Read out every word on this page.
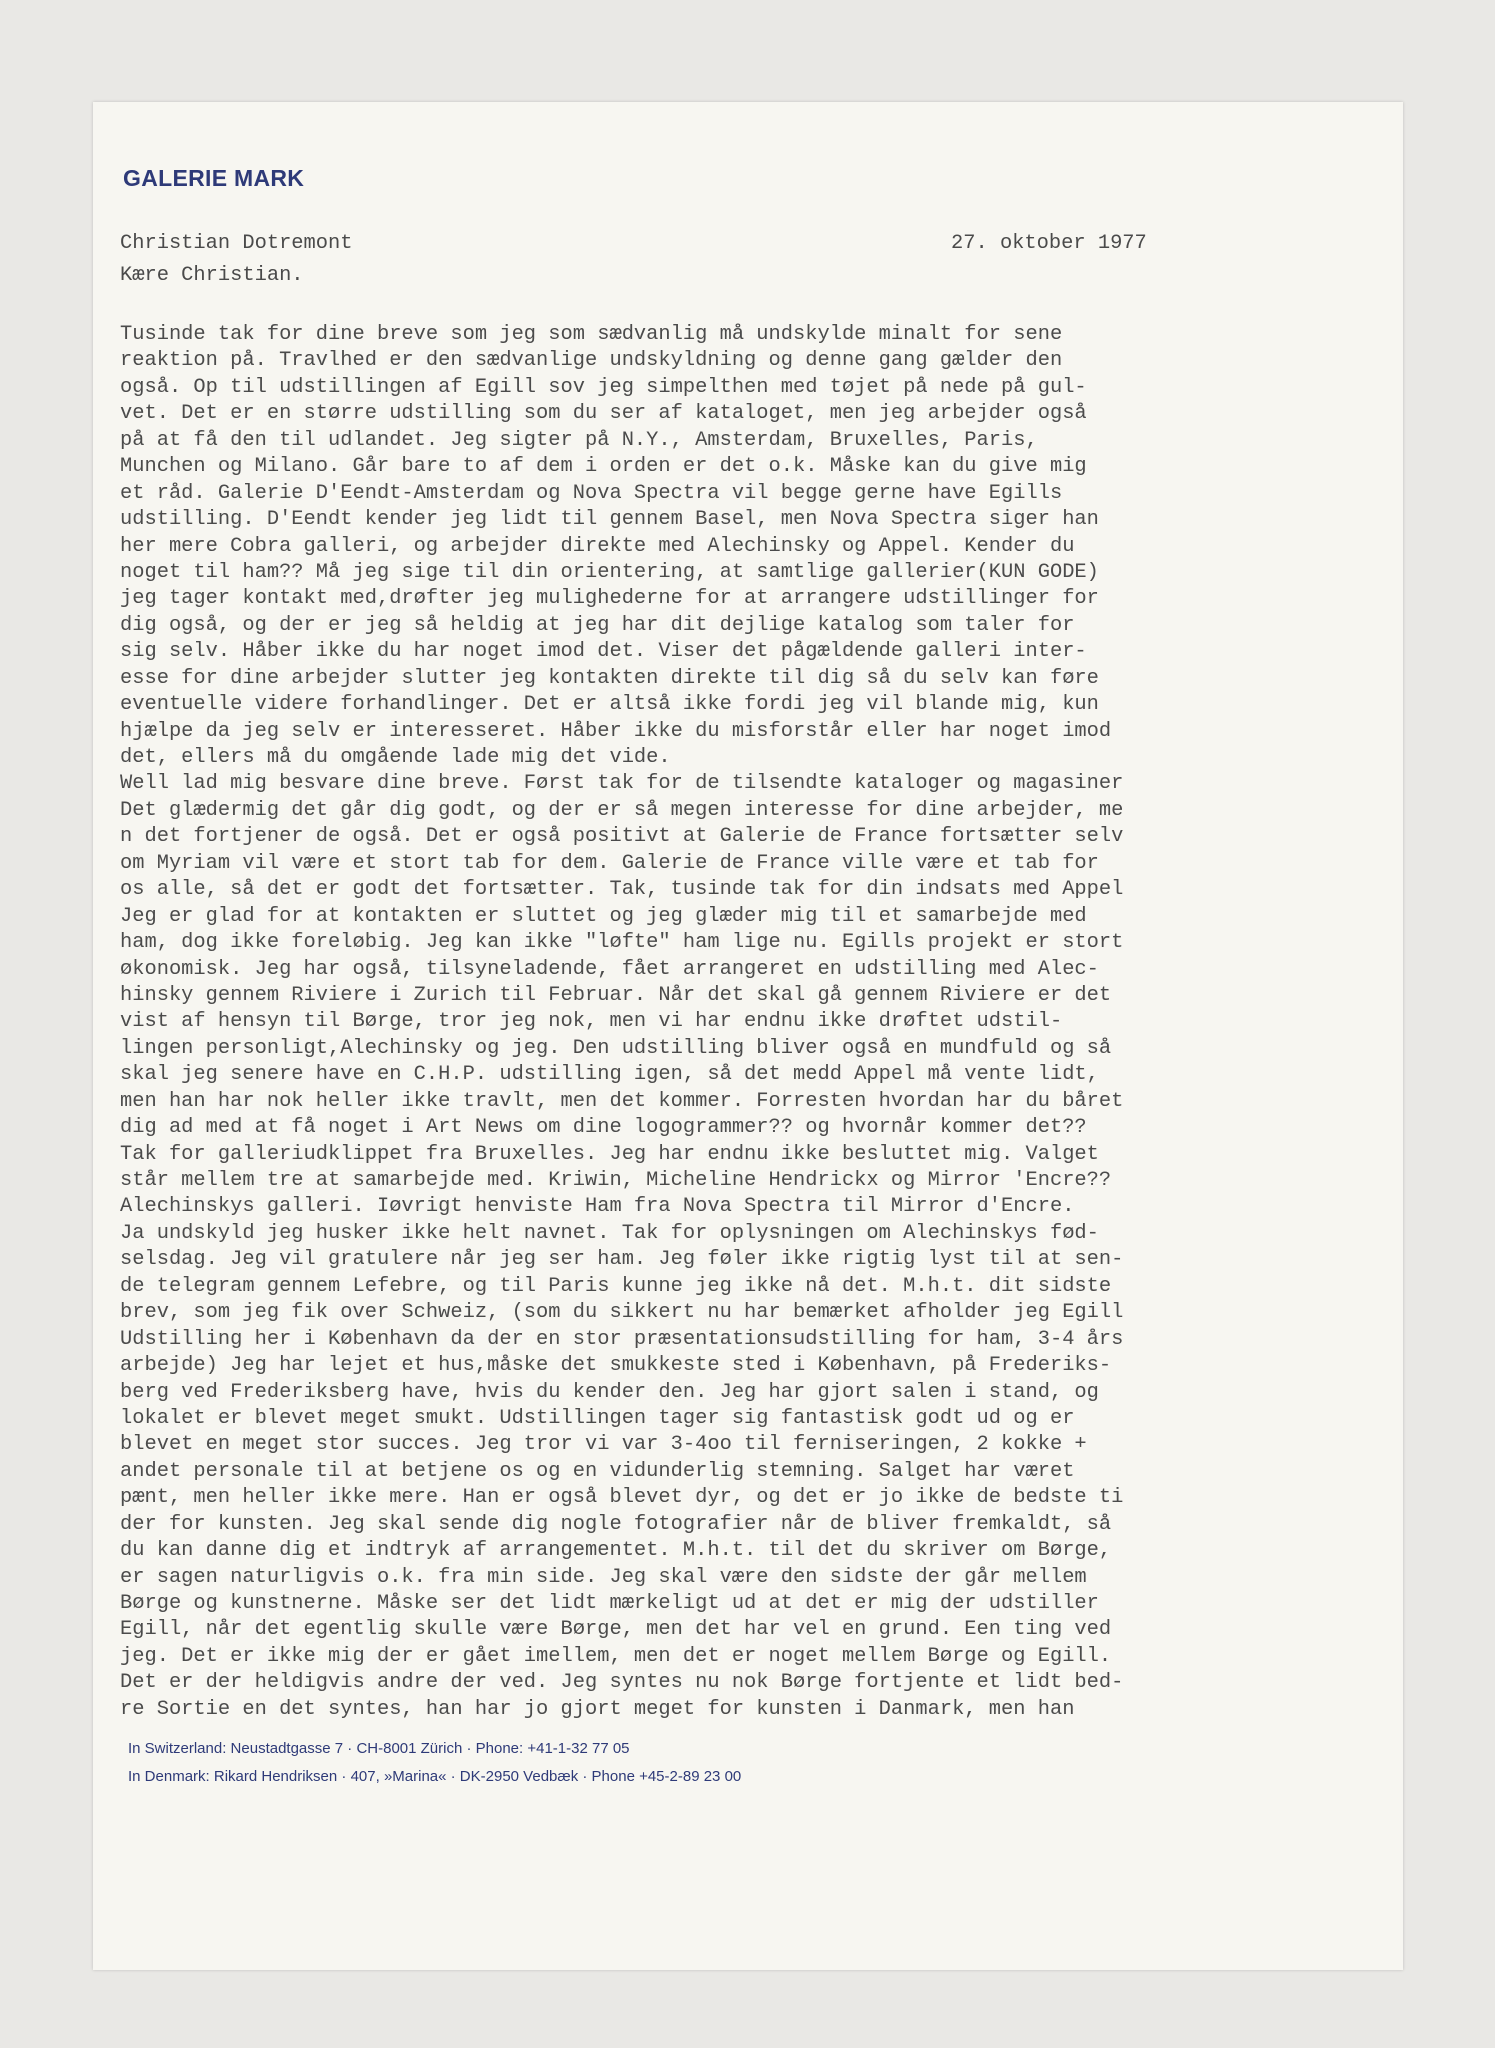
GALERIE MARK
Christian Dotremont	27. oktober 1977
Kære Christian.
Tusinde tak for dine breve som jeg som sædvanlig må undskylde minalt for sene
reaktion på. Travlhed er den sædvanlige undskyldning og denne gang gælder den
også. Op til udstillingen af Egill sov jeg simpelthen med tøjet på nede på gul-
vet. Det er en større udstilling som du ser af kataloget, men jeg arbejder også
på at få den til udlandet. Jeg sigter på N.Y., Amsterdam, Bruxelles, Paris,
Munchen og Milano. Går bare to af dem i orden er det o.k. Måske kan du give mig
et råd. Galerie D'Eendt-Amsterdam og Nova Spectra vil begge gerne have Egills
udstilling. D'Eendt kender jeg lidt til gennem Basel, men Nova Spectra siger han
her mere Cobra galleri, og arbejder direkte med Alechinsky og Appel. Kender du
noget til ham?? Må jeg sige til din orientering, at samtlige gallerier(KUN GODE)
jeg tager kontakt med,drøfter jeg mulighederne for at arrangere udstillinger for
dig også, og der er jeg så heldig at jeg har dit dejlige katalog som taler for
sig selv. Håber ikke du har noget imod det. Viser det pågældende galleri inter-
esse for dine arbejder slutter jeg kontakten direkte til dig så du selv kan føre
eventuelle videre forhandlinger. Det er altså ikke fordi jeg vil blande mig, kun
hjælpe da jeg selv er interesseret. Håber ikke du misforstår eller har noget imod
det, ellers må du omgående lade mig det vide.
Well lad mig besvare dine breve. Først tak for de tilsendte kataloger og magasiner
Det glædermig det går dig godt, og der er så megen interesse for dine arbejder, me
n det fortjener de også. Det er også positivt at Galerie de France fortsætter selv
om Myriam vil være et stort tab for dem. Galerie de France ville være et tab for
os alle, så det er godt det fortsætter. Tak, tusinde tak for din indsats med Appel
Jeg er glad for at kontakten er sluttet og jeg glæder mig til et samarbejde med
ham, dog ikke foreløbig. Jeg kan ikke "løfte" ham lige nu. Egills projekt er stort
økonomisk. Jeg har også, tilsyneladende, fået arrangeret en udstilling med Alec-
hinsky gennem Riviere i Zurich til Februar. Når det skal gå gennem Riviere er det
vist af hensyn til Børge, tror jeg nok, men vi har endnu ikke drøftet udstil-
lingen personligt,Alechinsky og jeg. Den udstilling bliver også en mundfuld og så
skal jeg senere have en C.H.P. udstilling igen, så det medd Appel må vente lidt,
men han har nok heller ikke travlt, men det kommer. Forresten hvordan har du båret
dig ad med at få noget i Art News om dine logogrammer?? og hvornår kommer det??
Tak for galleriudklippet fra Bruxelles. Jeg har endnu ikke besluttet mig. Valget
står mellem tre at samarbejde med. Kriwin, Micheline Hendrickx og Mirror 'Encre??
Alechinskys galleri. Iøvrigt henviste Ham fra Nova Spectra til Mirror d'Encre.
Ja undskyld jeg husker ikke helt navnet. Tak for oplysningen om Alechinskys fød-
selsdag. Jeg vil gratulere når jeg ser ham. Jeg føler ikke rigtig lyst til at sen-
de telegram gennem Lefebre, og til Paris kunne jeg ikke nå det. M.h.t. dit sidste
brev, som jeg fik over Schweiz, (som du sikkert nu har bemærket afholder jeg Egill
Udstilling her i København da der en stor præsentationsudstilling for ham, 3-4 års
arbejde) Jeg har lejet et hus,måske det smukkeste sted i København, på Frederiks-
berg ved Frederiksberg have, hvis du kender den. Jeg har gjort salen i stand, og
lokalet er blevet meget smukt. Udstillingen tager sig fantastisk godt ud og er
blevet en meget stor succes. Jeg tror vi var 3-4oo til ferniseringen, 2 kokke +
andet personale til at betjene os og en vidunderlig stemning. Salget har været
pænt, men heller ikke mere. Han er også blevet dyr, og det er jo ikke de bedste ti
der for kunsten. Jeg skal sende dig nogle fotografier når de bliver fremkaldt, så
du kan danne dig et indtryk af arrangementet. M.h.t. til det du skriver om Børge,
er sagen naturligvis o.k. fra min side. Jeg skal være den sidste der går mellem
Børge og kunstnerne. Måske ser det lidt mærkeligt ud at det er mig der udstiller
Egill, når det egentlig skulle være Børge, men det har vel en grund. Een ting ved
jeg. Det er ikke mig der er gået imellem, men det er noget mellem Børge og Egill.
Det er der heldigvis andre der ved. Jeg syntes nu nok Børge fortjente et lidt bed-
re Sortie en det syntes, han har jo gjort meget for kunsten i Danmark, men han
In Switzerland: Neustadtgasse 7 · CH-8001 Zürich · Phone: +41-1-32 77 05
In Denmark: Rikard Hendriksen · 407, »Marina« · DK-2950 Vedbæk · Phone +45-2-89 23 00
